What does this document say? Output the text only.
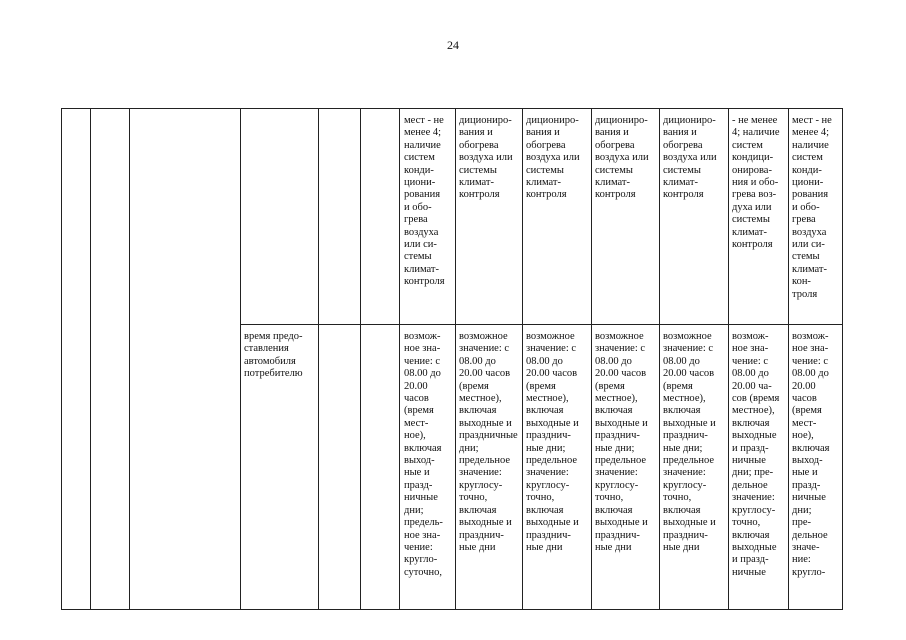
24
мест - не
менее 4;
наличие
систем
конди-
циони-
рования
и обо-
грева
воздуха
или си-
стемы
климат-
контроля
дициониро-
вания и
обогрева
воздуха или
системы
климат-
контроля
дициониро-
вания и
обогрева
воздуха или
системы
климат-
контроля
дициониро-
вания и
обогрева
воздуха или
системы
климат-
контроля
дициониро-
вания и
обогрева
воздуха или
системы
климат-
контроля
- не менее
4; наличие
систем
кондици-
онирова-
ния и обо-
грева воз-
духа или
системы
климат-
контроля
мест - не
менее 4;
наличие
систем
конди-
циони-
рования
и обо-
грева
воздуха
или си-
стемы
климат-
кон-
троля
время предо-
ставления
автомобиля
потребителю
возмож-
ное зна-
чение: с
08.00 до
20.00
часов
(время
мест-
ное),
включая
выход-
ные и
празд-
ничные
дни;
предель-
ное зна-
чение:
кругло-
суточно,
возможное
значение: с
08.00 до
20.00 часов
(время
местное),
включая
выходные и
праздничные дни;
предельное
значение:
круглосу-
точно,
включая
выходные и
празднич-
ные дни
возможное
значение: с
08.00 до
20.00 часов
(время
местное),
включая
выходные и
празднич-
ные дни;
предельное
значение:
круглосу-
точно,
включая
выходные и
празднич-
ные дни
возможное
значение: с
08.00 до
20.00 часов
(время
местное),
включая
выходные и
празднич-
ные дни;
предельное
значение:
круглосу-
точно,
включая
выходные и
празднич-
ные дни
возможное
значение: с
08.00 до
20.00 часов
(время
местное),
включая
выходные и
празднич-
ные дни;
предельное
значение:
круглосу-
точно,
включая
выходные и
празднич-
ные дни
возмож-
ное зна-
чение: с
08.00 до
20.00 ча-
сов (время
местное),
включая
выходные
и празд-
ничные
дни; пре-
дельное
значение:
круглосу-
точно,
включая
выходные
и празд-
ничные
возмож-
ное зна-
чение: с
08.00 до
20.00
часов
(время
мест-
ное),
включая
выход-
ные и
празд-
ничные
дни;
пре-
дельное
значе-
ние:
кругло-
